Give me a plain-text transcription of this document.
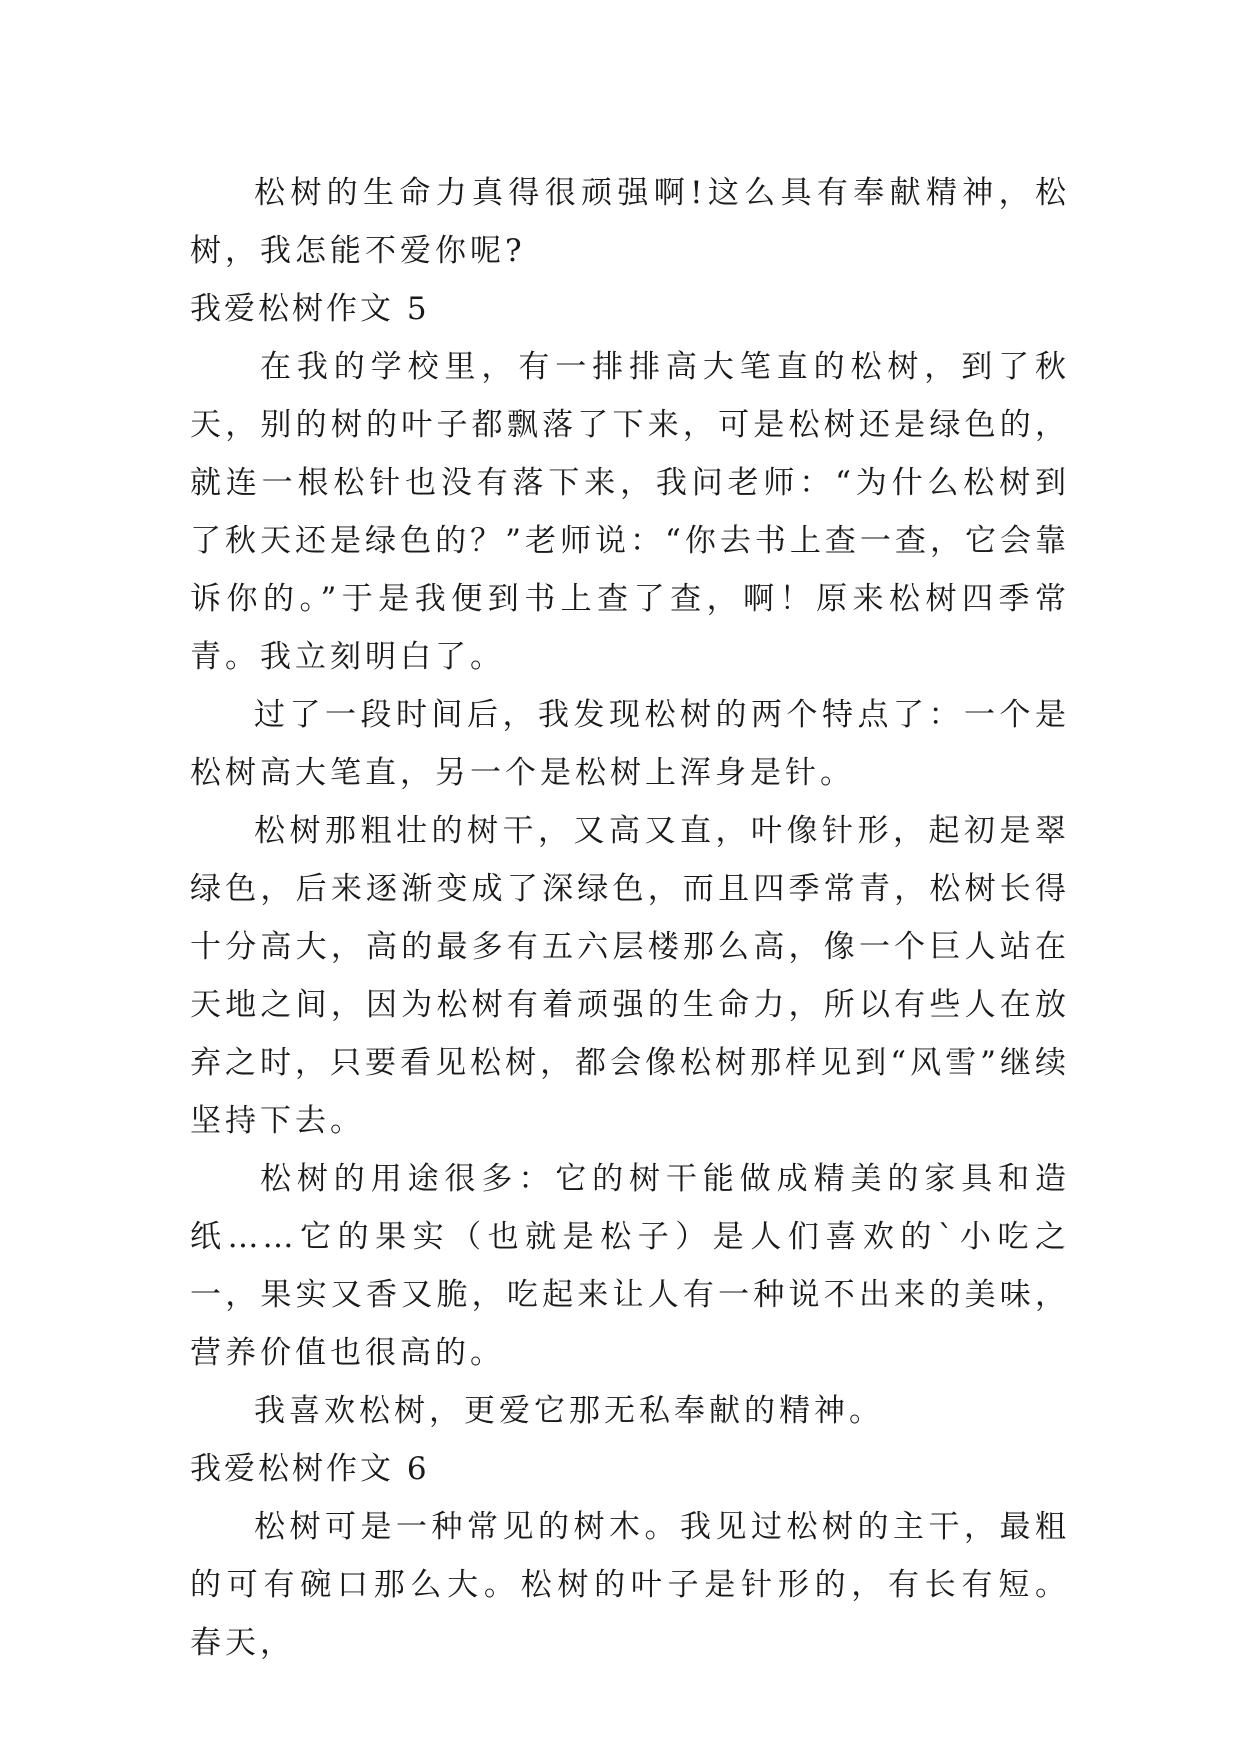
松树的生命力真得很顽强啊!这么具有奉献精神，松树，我怎能不爱你呢?

我爱松树作文 5

在我的学校里，有一排排高大笔直的松树，到了秋天，别的树的叶子都飘落了下来，可是松树还是绿色的，就连一根松针也没有落下来，我问老师：“为什么松树到了秋天还是绿色的？”老师说：“你去书上查一查，它会靠诉你的。”于是我便到书上查了查，啊！原来松树四季常青。我立刻明白了。

过了一段时间后，我发现松树的两个特点了：一个是松树高大笔直，另一个是松树上浑身是针。

松树那粗壮的树干，又高又直，叶像针形，起初是翠绿色，后来逐渐变成了深绿色，而且四季常青，松树长得十分高大，高的最多有五六层楼那么高，像一个巨人站在天地之间，因为松树有着顽强的生命力，所以有些人在放弃之时，只要看见松树，都会像松树那样见到“风雪”继续坚持下去。

松树的用途很多：它的树干能做成精美的家具和造纸……它的果实（也就是松子）是人们喜欢的`小吃之一，果实又香又脆，吃起来让人有一种说不出来的美味，营养价值也很高的。

我喜欢松树，更爱它那无私奉献的精神。

我爱松树作文 6

松树可是一种常见的树木。我见过松树的主干，最粗的可有碗口那么大。松树的叶子是针形的，有长有短。 春天，
